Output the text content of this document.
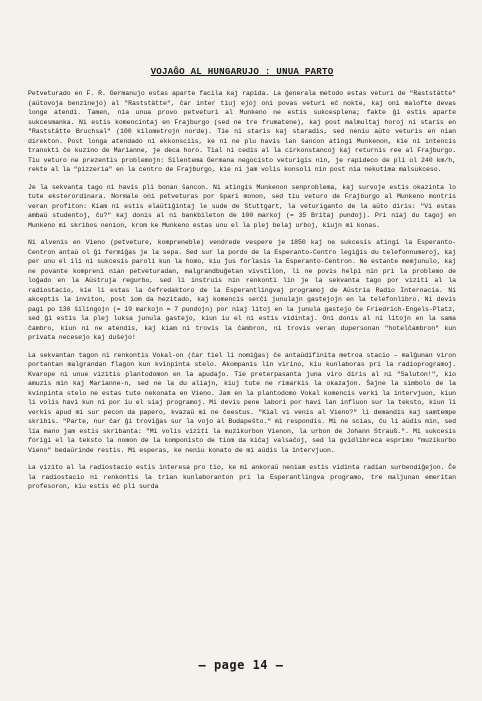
VOJAĜO AL HUNGARUJO : UNUA PARTO

Petveturado en F. R. Germanujo estas aparte facila kaj rapida. La ĝenerala metodo estas veturi de "Raststätte" (aŭtovoja benzinejo) al "Raststätte", ĉar inter tiuj ejoj oni povas veturi eĉ nokte, kaj oni malofte devas longe atendi. Tamen, nia unua provo petveturi al Munkeno ne estis sukcesplena; fakte ĝi estis aparte sukcesmanka. Ni estis komencintaj en Frajburgo (sed ne tre frumatene), kaj post malmultaj horoj ni staris en "Raststätte Bruchsal" (100 kilometrojn norde). Tie ni staris kaj staradis, sed neniu aŭto veturis en nian direkton. Post longa atendado ni ekkonsciis, ke ni ne plu havis lan ŝancon atingi Munkenon, kie ni intencis tranokti ĉe kuzino de Marianne, je deca horo. Tial ni cedis al la cirkonstancoj kaj returnis ree al Frajburgo. Tiu veturo ne prezentis problemojn: Silentema Germana negocisto veturigis nin, je rapideco de pli ol 240 km/h, rekte al la "pizzeria" en la centro de Frajburgo, kie ni jam volis konsoli nin post nia nekutima malsukceso.

Je la sekvanta tago ni havis pli bonan ŝancon. Ni atingis Munkenon senproblema, kaj survoje estis okazinta lo tute eksterordinara. Normale oni petveturas por ŝpari monon, sed tiu veturo de Frajburgo al Munkeno montris veran profiton: Kiam ni estis elaŭtiĝintaj le sude de Stuttgart, la veturiganto de la aŭto diris: "Vi estas ambaŭ studentoj, ĉu?" kaj donis al ni bankbileton de 100 markoj (= 35 Britaj pundoj). Pri niaj du tagoj en Munkeno mi skribos nenion, krom ke Munkeno estas unu el la plej belaj urboj, kiujn mi konas.

Ni alvenis en Vieno (petveture, kompreneble) vendrede vespere je 1850 kaj ne sukcesis atingi la Esperanto-Centron antaŭ ol ĝi fermiĝas je la sepa. Sed sur la pordo de la Esperanto-Centro legiĝis du telefonnumeroj, kaj per unu el ili ni sukcesis paroli kun la homo, kiu ĵus forlasis la Esperanto-Centron. Ne estante memjunulo, kaj ne povante kompreni nian petveturadan, malgrandbuĝetan vivstilon, li ne povis helpi nin pri la problemo de loĝado en la Aŭstruja regurbo, sed li instruis nin renkonti lin je la sekvanta tago por viziti al la radiostacio, kie li estas la ĉefredaktoro de la Esperantlingvaj programoj de Aŭstria Radio Internacia. Ni akceptis la inviton, post iom da hezitado, kaj komencis serĉi junulajn gastejojn en la telefonlibro. Ni devis pagi po 130 ŝilingojn (= 19 markojn = 7 pundojn) por niaj litoj en la junula gastejo ĉe Friedrich-Engels-Platz, sed ĝi estis la plej luksa junula gastejo, kiun iu el ni estis vidintaj. Oni donis al ni litojn en la sama ĉambro, kiun ni ne atendis, kaj kiam ni trovis la ĉambron, ni trovis veran dupersonan "hotelĉambron" kun privata necesejo kaj duŝejo!

La sekvantan tagon ni renkontis Vokal-on (ĉar tiel li nomiĝas) ĉe antaŭdifinita metroa stacio – malĝunan viron portantan malgrandan flagon kun kvinpinta stelo. Akompanis lin virino, kiu kunlaboras pri la radioprogramoj. Kvarope ni unue vizitis plantodomon en la apudaĵo. Tie preterpasanta juna viro diris al ni "Saluton!", kio amuzis min kaj Marianne-n, sed ne la du aliajn, kiuj tute ne rimarkis la okazaĵon. Ŝajne la simbolo de la kvinpinta stelo ne estas tute nekonata en Vieno. Jam en la plantodomo Vokal komencis verki la intervjuon, kiun li volis havi kun ni por iu el siaj programoj. Mi devis pene labori por havi lan influon sur la teksto, kiun li verkis apud mi sur pecon da papero, kvazaŭ mi ne ĉeestus. "Kial vi venis al Vieno?" li demandis kaj samtempe skribis. "Parte, nur ĉar ĝi troviĝas sur la vojo al Budapeŝto." mi respondis. Mi ne scias, ĉu li aŭdis min, sed lia mano jam estis skribanta: "Mi volis viziti la muzikurbon Vienon, la urbon de Johann Strauß.". Mi sukcesis forigi el la teksto la nomon de la komponisto de tiom da kiĉaj valsaĉoj, sed la gvidlibreca esprimo "muzikurbo Vieno" bedaŭrinde restis. Mi esperas, ke neniu konato de mi aŭdis la intervjuon.

La vizito al la radiostacio estis interesa pro tio, ke mi ankoraŭ neniam estis vidinta radian surbendiĝejon. Ĉe la radiostacio ni renkontis la trian kunlaboranton pri la Esperantlingva programo, tre maljunan emeritan profesoron, kiu estis eĉ pli surda

— page 14 —
